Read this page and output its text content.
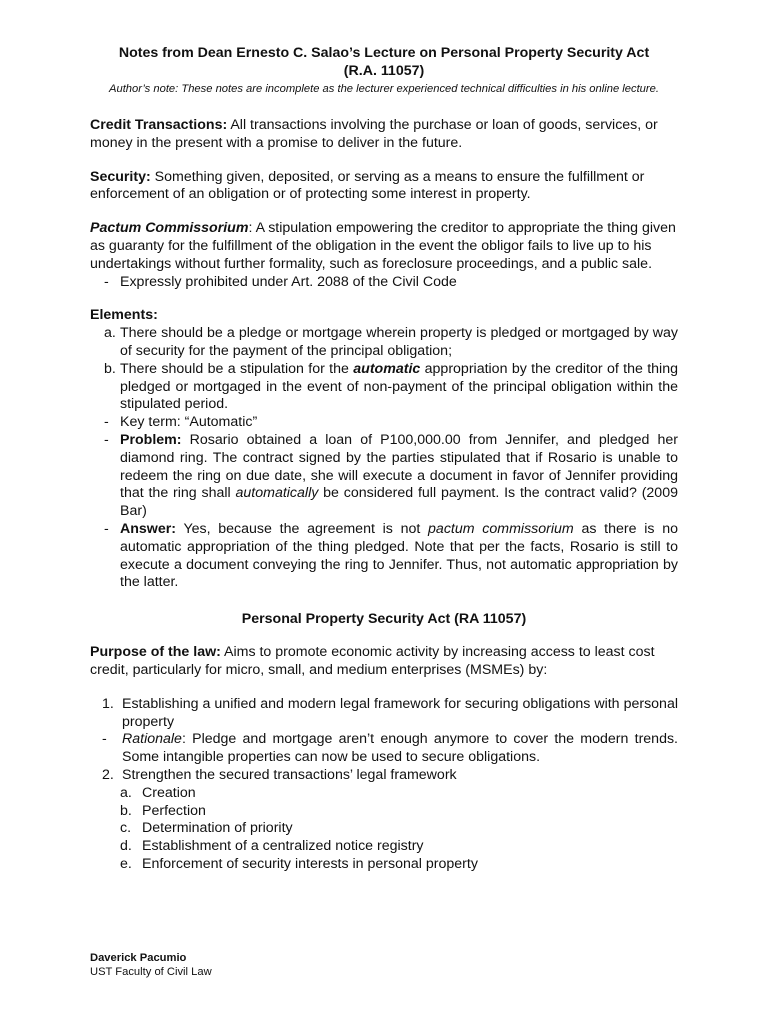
Notes from Dean Ernesto C. Salao’s Lecture on Personal Property Security Act
(R.A. 11057)

Author’s note: These notes are incomplete as the lecturer experienced technical difficulties in his online lecture.

Credit Transactions: All transactions involving the purchase or loan of goods, services, or money in the present with a promise to deliver in the future.

Security: Something given, deposited, or serving as a means to ensure the fulfillment or enforcement of an obligation or of protecting some interest in property.

Pactum Commissorium: A stipulation empowering the creditor to appropriate the thing given as guaranty for the fulfillment of the obligation in the event the obligor fails to live up to his undertakings without further formality, such as foreclosure proceedings, and a public sale.

- Expressly prohibited under Art. 2088 of the Civil Code

Elements:

a. There should be a pledge or mortgage wherein property is pledged or mortgaged by way of security for the payment of the principal obligation;
b. There should be a stipulation for the automatic appropriation by the creditor of the thing pledged or mortgaged in the event of non-payment of the principal obligation within the stipulated period.
- Key term: “Automatic”
- Problem: Rosario obtained a loan of P100,000.00 from Jennifer, and pledged her diamond ring. The contract signed by the parties stipulated that if Rosario is unable to redeem the ring on due date, she will execute a document in favor of Jennifer providing that the ring shall automatically be considered full payment. Is the contract valid? (2009 Bar)
- Answer: Yes, because the agreement is not pactum commissorium as there is no automatic appropriation of the thing pledged. Note that per the facts, Rosario is still to execute a document conveying the ring to Jennifer. Thus, not automatic appropriation by the latter.

Personal Property Security Act (RA 11057)

Purpose of the law: Aims to promote economic activity by increasing access to least cost credit, particularly for micro, small, and medium enterprises (MSMEs) by:

1. Establishing a unified and modern legal framework for securing obligations with personal property
-	Rationale: Pledge and mortgage aren’t enough anymore to cover the modern trends. Some intangible properties can now be used to secure obligations.
2. Strengthen the secured transactions’ legal framework
a. Creation
b. Perfection
c. Determination of priority
d. Establishment of a centralized notice registry
e. Enforcement of security interests in personal property
Daverick Pacumio
UST Faculty of Civil Law
